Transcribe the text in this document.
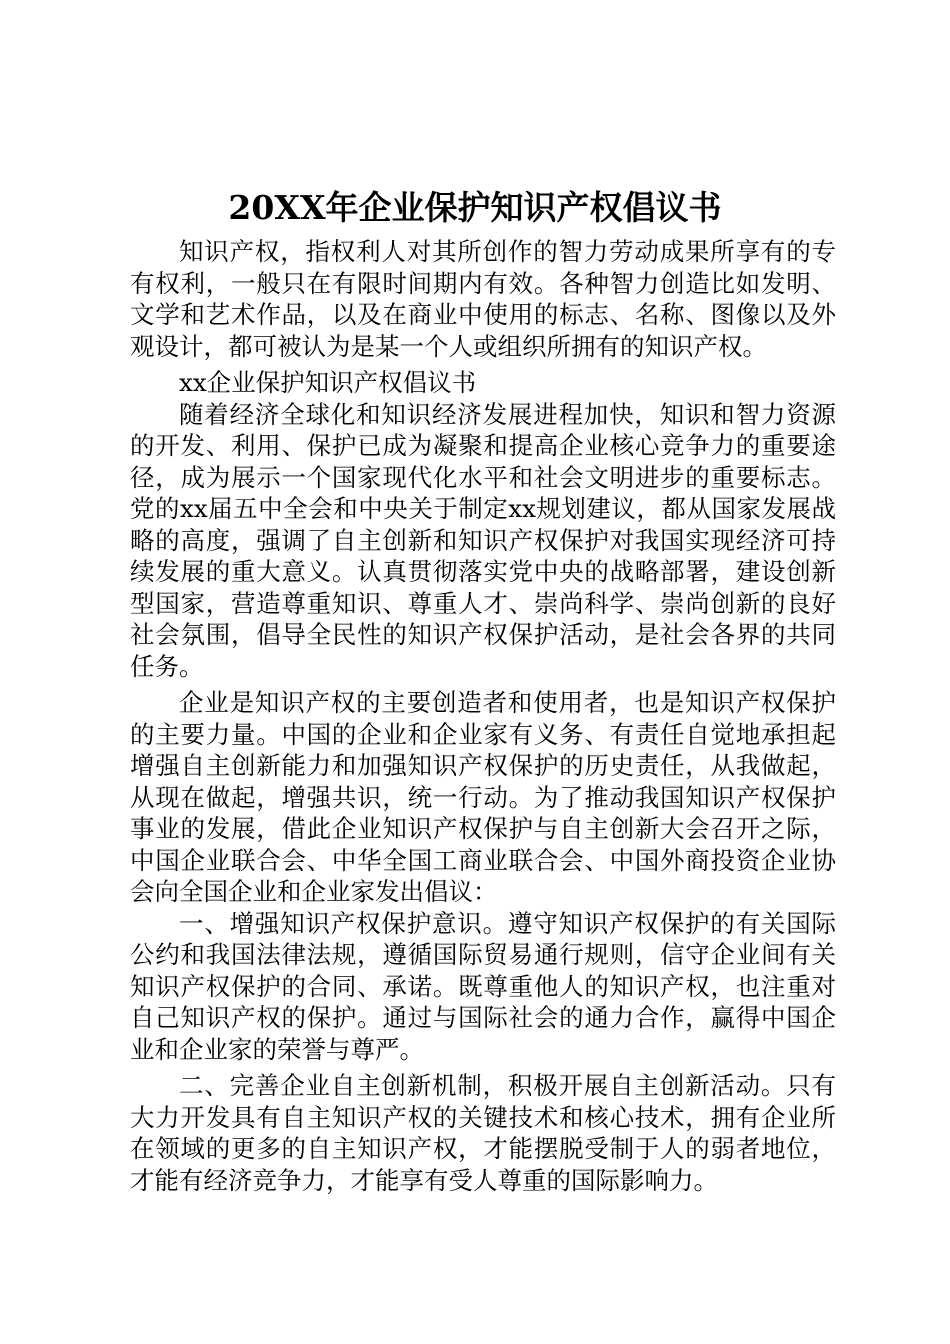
20XX年企业保护知识产权倡议书

知识产权，指权利人对其所创作的智力劳动成果所享有的专有权利，一般只在有限时间期内有效。各种智力创造比如发明、文学和艺术作品，以及在商业中使用的标志、名称、图像以及外观设计，都可被认为是某一个人或组织所拥有的知识产权。

xx企业保护知识产权倡议书

随着经济全球化和知识经济发展进程加快，知识和智力资源的开发、利用、保护已成为凝聚和提高企业核心竞争力的重要途径，成为展示一个国家现代化水平和社会文明进步的重要标志。党的xx届五中全会和中央关于制定xx规划建议，都从国家发展战略的高度，强调了自主创新和知识产权保护对我国实现经济可持续发展的重大意义。认真贯彻落实党中央的战略部署，建设创新型国家，营造尊重知识、尊重人才、崇尚科学、崇尚创新的良好社会氛围，倡导全民性的知识产权保护活动，是社会各界的共同任务。

企业是知识产权的主要创造者和使用者，也是知识产权保护的主要力量。中国的企业和企业家有义务、有责任自觉地承担起增强自主创新能力和加强知识产权保护的历史责任，从我做起，从现在做起，增强共识，统一行动。为了推动我国知识产权保护事业的发展，借此企业知识产权保护与自主创新大会召开之际，中国企业联合会、中华全国工商业联合会、中国外商投资企业协会向全国企业和企业家发出倡议：

一、增强知识产权保护意识。遵守知识产权保护的有关国际公约和我国法律法规，遵循国际贸易通行规则，信守企业间有关知识产权保护的合同、承诺。既尊重他人的知识产权，也注重对自己知识产权的保护。通过与国际社会的通力合作，赢得中国企业和企业家的荣誉与尊严。

二、完善企业自主创新机制，积极开展自主创新活动。只有大力开发具有自主知识产权的关键技术和核心技术，拥有企业所在领域的更多的自主知识产权，才能摆脱受制于人的弱者地位，才能有经济竞争力，才能享有受人尊重的国际影响力。
